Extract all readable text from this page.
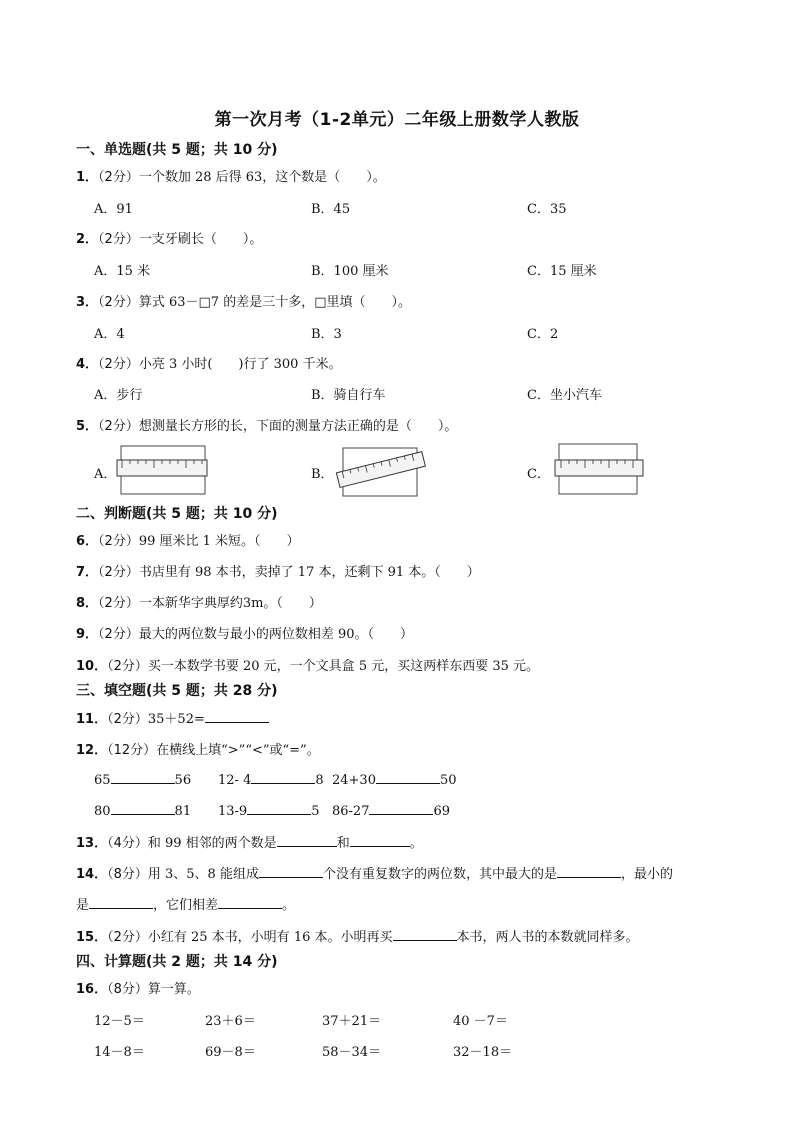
第一次月考（1-2单元）二年级上册数学人教版
一、单选题(共 5 题；共 10 分)
1．（2分）一个数加 28 后得 63，这个数是（　　）。
A．91	B．45	C．35
2．（2分）一支牙刷长（　　）。
A．15 米	B．100 厘米	C．15 厘米
3．（2分）算式 63－□7 的差是三十多，□里填（　　）。
A．4	B．3	C．2
4．（2分）小亮 3 小时(　　)行了 300 千米。
A．步行	B．骑自行车	C．坐小汽车
5．（2分）想测量长方形的长，下面的测量方法正确的是（　　）。
A．	B．	C．
二、判断题(共 5 题；共 10 分)
6．（2分）99 厘米比 1 米短。（　　）
7．（2分）书店里有 98 本书，卖掉了 17 本，还剩下 91 本。（　　）
8．（2分）一本新华字典厚约3m。（　　）
9．（2分）最大的两位数与最小的两位数相差 90。（　　）
10．（2分）买一本数学书要 20 元，一个文具盒 5 元，买这两样东西要 35 元。
三、填空题(共 5 题；共 28 分)
11．（2分）35＋52=
12．（12分）在横线上填“>”“<”或“=”。
65	56 12- 4	8 24+30	50
80	81 13-9	5 86-27	69
13．（4分）和 99 相邻的两个数是	和	。
14．（8分）用 3、5、8 能组成	个没有重复数字的两位数，其中最大的是	，最小的
是	，它们相差	。
15．（2分）小红有 25 本书，小明有 16 本。小明再买	本书，两人书的本数就同样多。
四、计算题(共 2 题；共 14 分)
16．（8分）算一算。
12－5＝	23＋6＝	37＋21＝	40 －7＝
14－8＝	69－8＝	58－34＝	32－18＝
